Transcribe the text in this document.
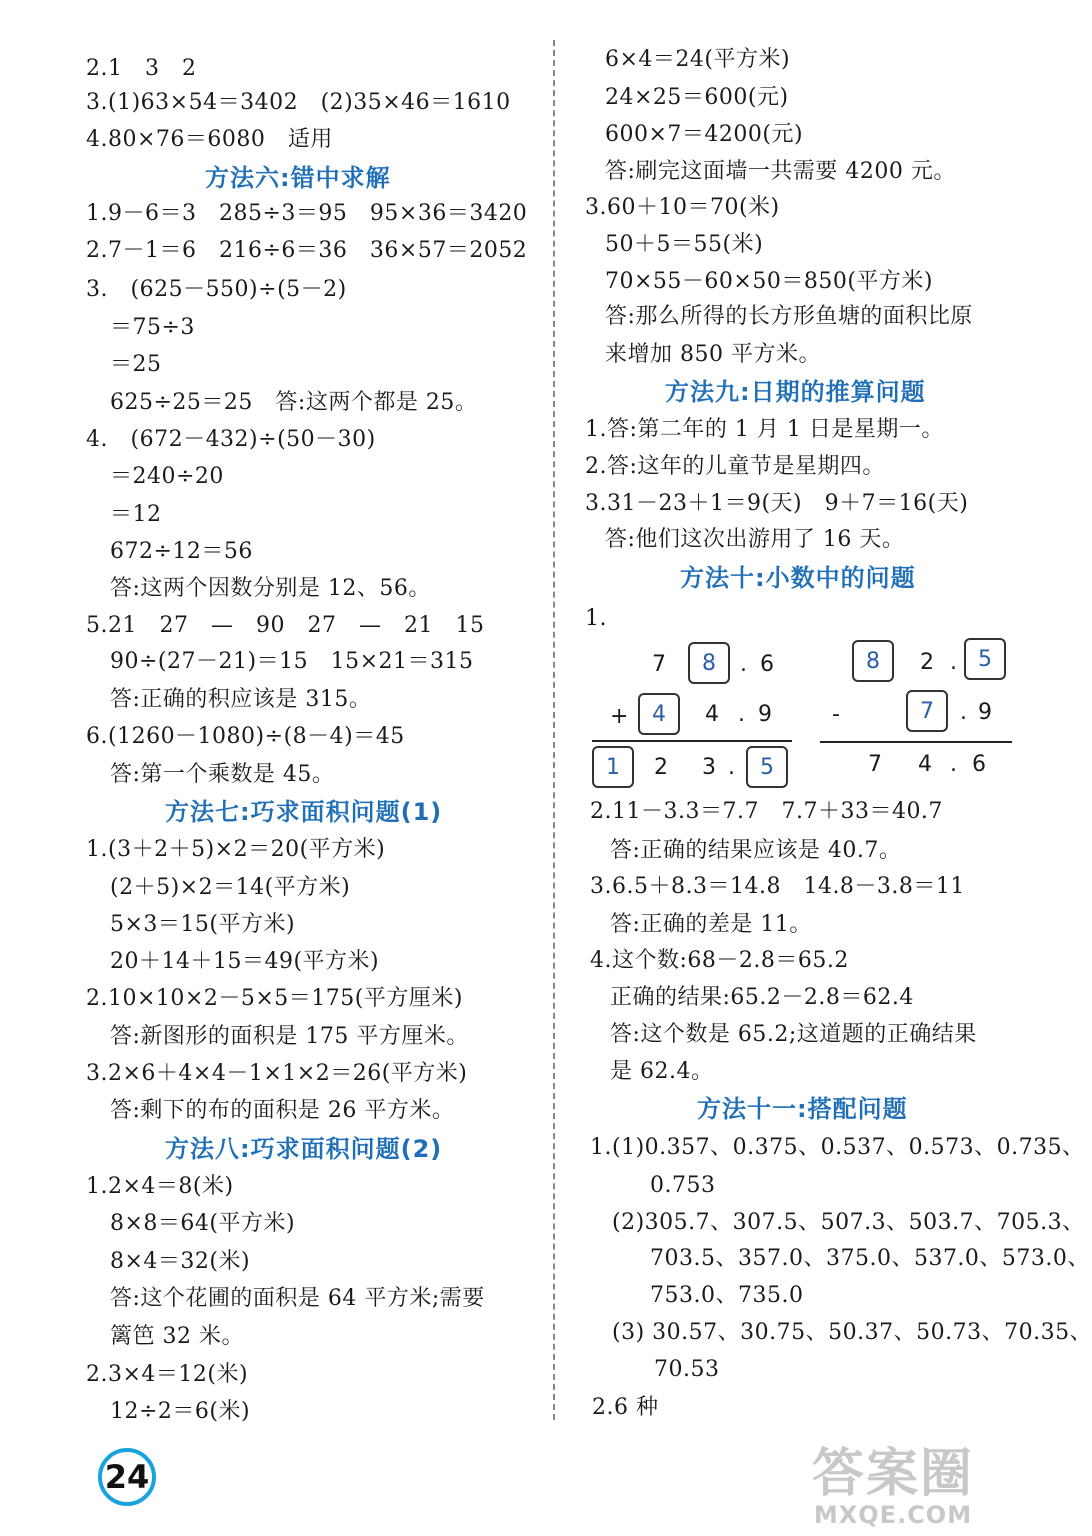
2.1　3　2
3.(1)63×54＝3402　(2)35×46＝1610
4.80×76＝6080　适用
方法六:错中求解
1.9－6＝3　285÷3＝95　95×36＝3420
2.7－1＝6　216÷6＝36　36×57＝2052
3.　(625－550)÷(5－2)
＝75÷3
＝25
625÷25＝25　答:这两个都是 25。
4.　(672－432)÷(50－30)
＝240÷20
＝12
672÷12＝56
答:这两个因数分别是 12、56。
5.21　27　—　90　27　—　21　15
90÷(27－21)＝15　15×21＝315
答:正确的积应该是 315。
6.(1260－1080)÷(8－4)＝45
答:第一个乘数是 45。
方法七:巧求面积问题(1)
1.(3＋2＋5)×2＝20(平方米)
(2＋5)×2＝14(平方米)
5×3＝15(平方米)
20＋14＋15＝49(平方米)
2.10×10×2－5×5＝175(平方厘米)
答:新图形的面积是 175 平方厘米。
3.2×6＋4×4－1×1×2＝26(平方米)
答:剩下的布的面积是 26 平方米。
方法八:巧求面积问题(2)
1.2×4＝8(米)
8×8＝64(平方米)
8×4＝32(米)
答:这个花圃的面积是 64 平方米;需要
篱笆 32 米。
2.3×4＝12(米)
12÷2＝6(米)
6×4＝24(平方米)
24×25＝600(元)
600×7＝4200(元)
答:刷完这面墙一共需要 4200 元。
3.60＋10＝70(米)
50＋5＝55(米)
70×55－60×50＝850(平方米)
答:那么所得的长方形鱼塘的面积比原
来增加 850 平方米。
方法九:日期的推算问题
1.答:第二年的 1 月 1 日是星期一。
2.答:这年的儿童节是星期四。
3.31－23＋1＝9(天)　9＋7＝16(天)
答:他们这次出游用了 16 天。
方法十:小数中的问题
1.
7	8	. 6
+	4	4 . 9
1	2 3 .	5
8	2 . 5
-	7	. 9
7 4 . 6
2.11－3.3＝7.7　7.7＋33＝40.7
答:正确的结果应该是 40.7。
3.6.5＋8.3＝14.8　14.8－3.8＝11
答:正确的差是 11。
4.这个数:68－2.8＝65.2
正确的结果:65.2－2.8＝62.4
答:这个数是 65.2;这道题的正确结果
是 62.4。
方法十一:搭配问题
1.(1)0.357、0.375、0.537、0.573、0.735、
0.753
(2)305.7、307.5、507.3、503.7、705.3、
703.5、357.0、375.0、537.0、573.0、
753.0、735.0
(3) 30.57、30.75、50.37、50.73、70.35、
70.53
2.6 种
24	答案圈
MXQE.COM
